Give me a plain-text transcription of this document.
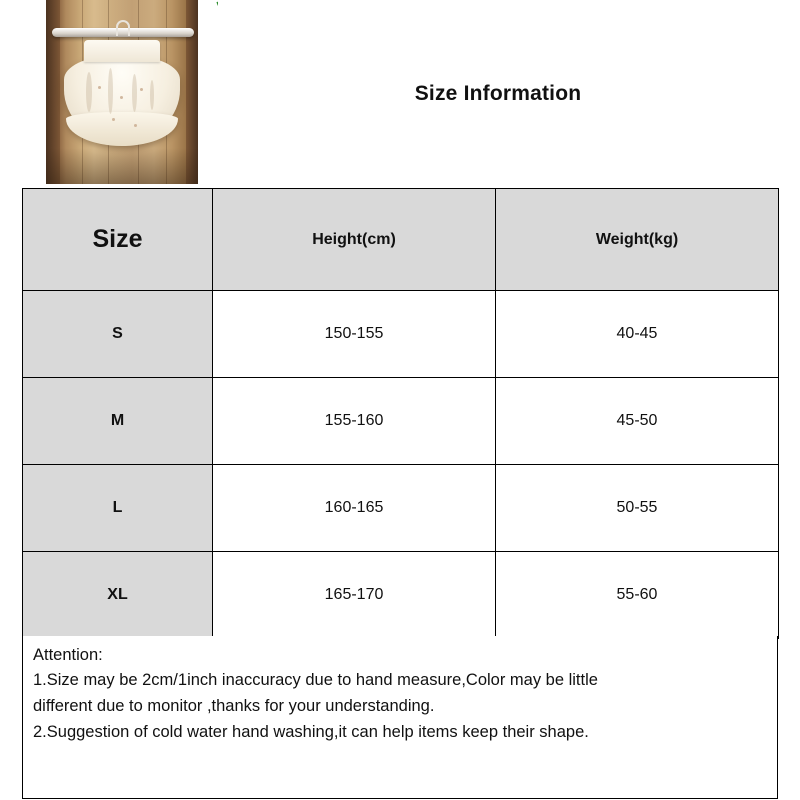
Size Information
Size	Height(cm)	Weight(kg)
S	150-155	40-45
M	155-160	45-50
L	160-165	50-55
XL	165-170	55-60

Attention:

1.Size may be 2cm/1inch inaccuracy due to hand measure,Color may be little

different due to monitor ,thanks for your understanding.

2.Suggestion of cold water hand washing,it can help items keep their shape.
